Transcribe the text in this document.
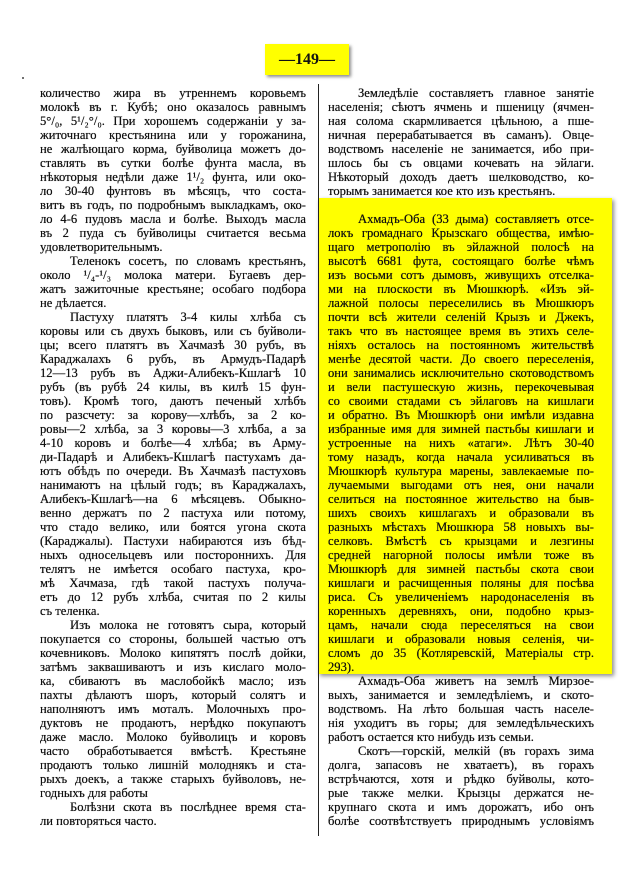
—149—
количество жира въ утреннемъ коровьемъ
молокѣ въ г. Кубѣ; оно оказалось равнымъ
5°/₀, 5¹/₂°/₀. При хорошемъ содержаніи у за-
житочнаго крестьянина или у горожанина,
не жалѣющаго корма, буйволица можетъ до-
ставлять въ сутки болѣе фунта масла, въ
нѣкоторыя недѣли даже 1¹/₂ фунта, или око-
ло 30-40 фунтовъ въ мѣсяцъ, что соста-
витъ въ годъ, по подробнымъ выкладкамъ, око-
ло 4-6 пудовъ масла и болѣе. Выходъ масла
въ 2 пуда съ буйволицы считается весьма
удовлетворительнымъ.
Теленокъ сосетъ, по словамъ крестьянъ,
около ¹/₄-¹/₃ молока матери. Бугаевъ дер-
жатъ зажиточные крестьяне; особаго подбора
не дѣлается.
Пастуху платятъ 3-4 килы хлѣба съ
коровы или съ двухъ быковъ, или съ буйволи-
цы; всего платятъ въ Хачмазѣ 30 рубъ, въ
Караджалахъ 6 рубъ, въ Армудъ-Падарѣ
12—13 рубъ въ Аджи-Алибекъ-Кшлагѣ 10
рубъ (въ рубѣ 24 килы, въ килѣ 15 фун-
товъ). Кромѣ того, даютъ печеный хлѣбъ
по разсчету: за корову—хлѣбъ, за 2 ко-
ровы—2 хлѣба, за 3 коровы—3 хлѣба, а за
4-10 коровъ и болѣе—4 хлѣба; въ Арму-
ди-Падарѣ и Алибекъ-Кшлагѣ пастухамъ да-
ютъ обѣдъ по очереди. Въ Хачмазѣ пастуховъ
нанимаютъ на цѣлый годъ; въ Караджалахъ,
Алибекъ-Кшлагѣ—на 6 мѣсяцевъ. Обыкно-
венно держатъ по 2 пастуха или потому,
что стадо велико, или боятся угона скота
(Караджалы). Пастухи набираются изъ бѣд-
ныхъ односельцевъ или постороннихъ. Для
телятъ не имѣется особаго пастуха, кро-
мѣ Хачмаза, гдѣ такой пастухъ получа-
етъ до 12 рубъ хлѣба, считая по 2 килы
съ теленка.
Изъ молока не готовятъ сыра, который
покупается со стороны, большей частью отъ
кочевниковъ. Молоко кипятятъ послѣ дойки,
затѣмъ заквашиваютъ и изъ кислаго моло-
ка, сбиваютъ въ маслобойкѣ масло; изъ
пахты дѣлаютъ шоръ, который солятъ и
наполняютъ имъ моталъ. Молочныхъ про-
дуктовъ не продаютъ, нерѣдко покупаютъ
даже масло. Молоко буйволицъ и коровъ
часто обработывается вмѣстѣ. Крестьяне
продаютъ только лишній молоднякъ и ста-
рыхъ доекъ, а также старыхъ буйволовъ, не-
годныхъ для работы
Болѣзни скота въ послѣднее время ста-
ли повторяться часто.
Земледѣліе составляетъ главное занятіе
населенія; сѣютъ ячмень и пшеницу (ячмен-
ная солома скармливается цѣльною, а пше-
ничная перерабатывается въ саманъ). Овце-
водствомъ населеніе не занимается, ибо при-
шлось бы съ овцами кочевать на эйлаги.
Нѣкоторый доходъ даетъ шелководство, ко-
торымъ занимается кое кто изъ крестьянъ.
Ахмадъ-Оба (33 дыма) составляетъ отсе-
локъ громаднаго Крызскаго общества, имѣю-
щаго метрополію въ эйлажной полосѣ на
высотѣ 6681 фута, состоящаго болѣе чѣмъ
изъ восьми сотъ дымовъ, живущихъ отселка-
ми на плоскости въ Мюшкюрѣ. «Изъ эй-
лажной полосы переселились въ Мюшкюръ
почти всѣ жители селеній Крызъ и Джекъ,
такъ что въ настоящее время въ этихъ селе-
ніяхъ осталось на постоянномъ жительствѣ
менѣе десятой части. До своего переселенія,
они занимались исключительно скотоводствомъ
и вели пастушескую жизнь, перекочевывая
со своими стадами съ эйлаговъ на кишлаги
и обратно. Въ Мюшкюрѣ они имѣли издавна
избранные имя для зимней пастьбы кишлаги и
устроенные на нихъ «атаги». Лѣтъ 30-40
тому назадъ, когда начала усиливаться въ
Мюшкюрѣ культура марены, завлекаемые по-
лучаемыми выгодами отъ нея, они начали
селиться на постоянное жительство на быв-
шихъ своихъ кишлагахъ и образовали въ
разныхъ мѣстахъ Мюшкюра 58 новыхъ вы-
селковъ. Вмѣстѣ съ крызцами и лезгины
средней нагорной полосы имѣли тоже въ
Мюшкюрѣ для зимней пастьбы скота свои
кишлаги и расчищенныя поляны для посѣва
риса. Съ увеличеніемъ народонаселенія въ
коренныхъ деревняхъ, они, подобно крыз-
цамъ, начали сюда переселяться на свои
кишлаги и образовали новыя селенія, чи-
сломъ до 35 (Котляревскій, Матеріалы стр.
293).
Ахмадъ-Оба живетъ на землѣ Мирзое-
выхъ, занимается и земледѣліемъ, и ското-
водствомъ. На лѣто большая часть населе-
нія уходитъ въ горы; для земледѣльческихъ
работъ остается кто нибудь изъ семьи.
Скотъ—горскій, мелкій (въ горахъ зима
долга, запасовъ не хватаетъ), въ горахъ
встрѣчаются, хотя и рѣдко буйволы, кото-
рые также мелки. Крызцы держатся не-
крупнаго скота и имъ дорожатъ, ибо онъ
болѣе соотвѣтствуетъ природнымъ условіямъ
